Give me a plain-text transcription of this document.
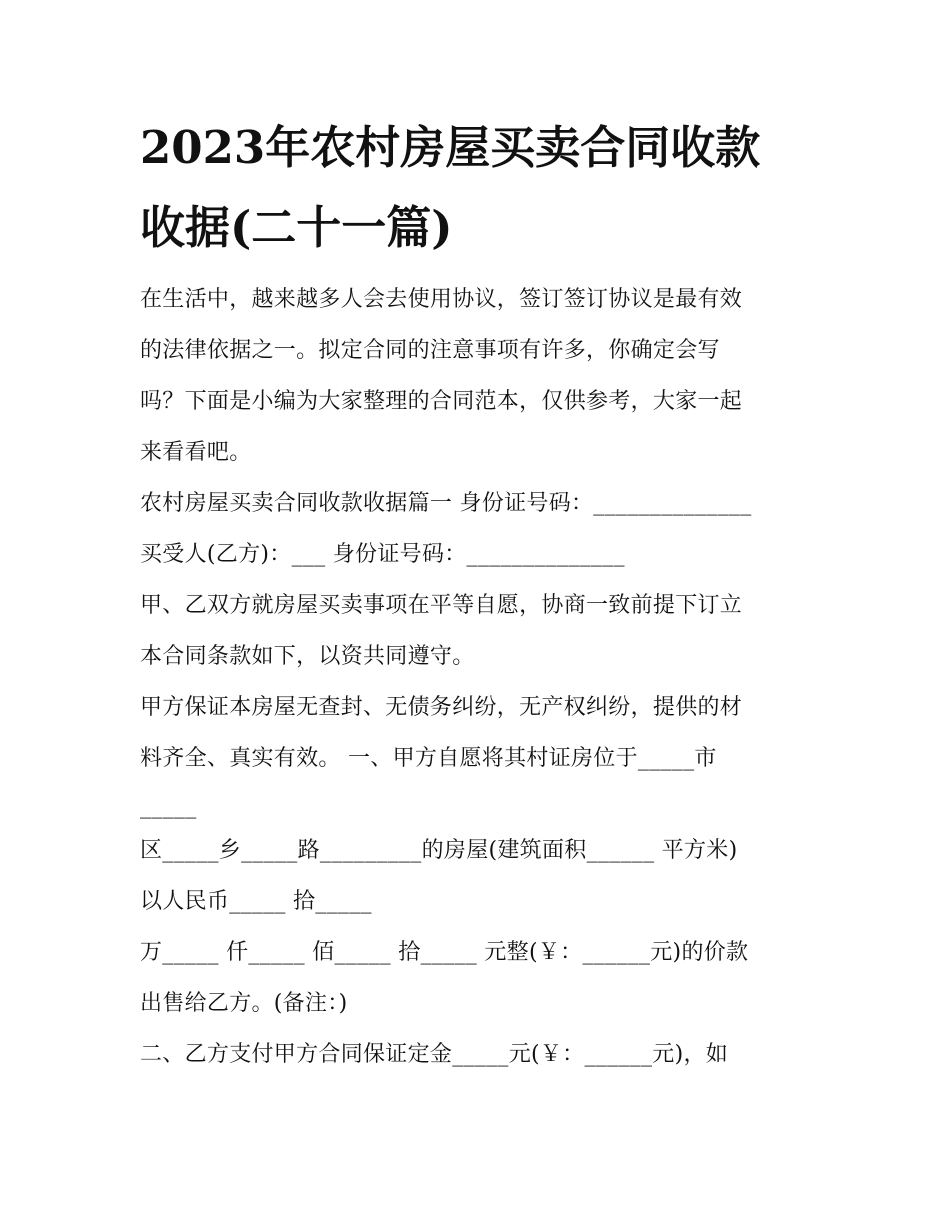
2023年农村房屋买卖合同收款
收据(二十一篇)
在生活中，越来越多人会去使用协议，签订签订协议是最有效
的法律依据之一。拟定合同的注意事项有许多，你确定会写
吗？下面是小编为大家整理的合同范本，仅供参考，大家一起
来看看吧。
农村房屋买卖合同收款收据篇一 身份证号码：______________
买受人(乙方)：___ 身份证号码：______________
甲、乙双方就房屋买卖事项在平等自愿，协商一致前提下订立
本合同条款如下，以资共同遵守。
甲方保证本房屋无查封、无债务纠纷，无产权纠纷，提供的材
料齐全、真实有效。 一、甲方自愿将其村证房位于_____市
_____
区_____乡_____路_________的房屋(建筑面积______ 平方米)
以人民币_____ 拾_____
万_____ 仟_____ 佰_____ 拾_____ 元整(￥：______元)的价款
出售给乙方。(备注：)
二、乙方支付甲方合同保证定金_____元(￥：______元)，如
